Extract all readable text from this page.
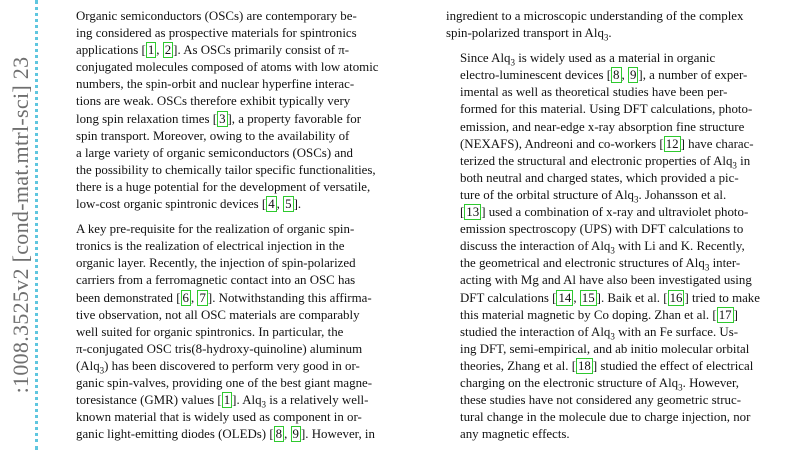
:1008.3525v2 [cond-mat.mtrl-sci] 23

Organic semiconductors (OSCs) are contemporary be-
ing considered as prospective materials for spintronics
applications [ 1 , 2 ]. As OSCs primarily consist of π-
conjugated molecules composed of atoms with low atomic
numbers, the spin-orbit and nuclear hyperfine interac-
tions are weak. OSCs therefore exhibit typically very
long spin relaxation times [ 3 ], a property favorable for
spin transport. Moreover, owing to the availability of
a large variety of organic semiconductors (OSCs) and
the possibility to chemically tailor specific functionalities,
there is a huge potential for the development of versatile,
low-cost organic spintronic devices [ 4 , 5 ].

A key pre-requisite for the realization of organic spin-
tronics is the realization of electrical injection in the
organic layer. Recently, the injection of spin-polarized
carriers from a ferromagnetic contact into an OSC has
been demonstrated [ 6 , 7 ]. Notwithstanding this affirma-
tive observation, not all OSC materials are comparably
well suited for organic spintronics. In particular, the
π-conjugated OSC tris(8-hydroxy-quinoline) aluminum
(Alq$_3$) has been discovered to perform very good in or-
ganic spin-valves, providing one of the best giant magne-
toresistance (GMR) values [ 1 ]. Alq$_3$ is a relatively well-
known material that is widely used as component in or-
ganic light-emitting diodes (OLEDs) [ 8 , 9 ]. However, in

ingredient to a microscopic understanding of the complex
spin-polarized transport in Alq$_3$.

Since Alq$_3$ is widely used as a material in organic
electro-luminescent devices [ 8 , 9 ], a number of exper-
imental as well as theoretical studies have been per-
formed for this material. Using DFT calculations, photo-
emission, and near-edge x-ray absorption fine structure
(NEXAFS), Andreoni and co-workers [ 12 ] have charac-
terized the structural and electronic properties of Alq$_3$ in
both neutral and charged states, which provided a pic-
ture of the orbital structure of Alq$_3$. Johansson et al.
[ 13 ] used a combination of x-ray and ultraviolet photo-
emission spectroscopy (UPS) with DFT calculations to
discuss the interaction of Alq$_3$ with Li and K. Recently,
the geometrical and electronic structures of Alq$_3$ inter-
acting with Mg and Al have also been investigated using
DFT calculations [ 14 , 15 ]. Baik et al. [ 16 ] tried to make
this material magnetic by Co doping. Zhan et al. [ 17 ]
studied the interaction of Alq$_3$ with an Fe surface. Us-
ing DFT, semi-empirical, and ab initio molecular orbital
theories, Zhang et al. [ 18 ] studied the effect of electrical
charging on the electronic structure of Alq$_3$. However,
these studies have not considered any geometric struc-
tural change in the molecule due to charge injection, nor
any magnetic effects.
